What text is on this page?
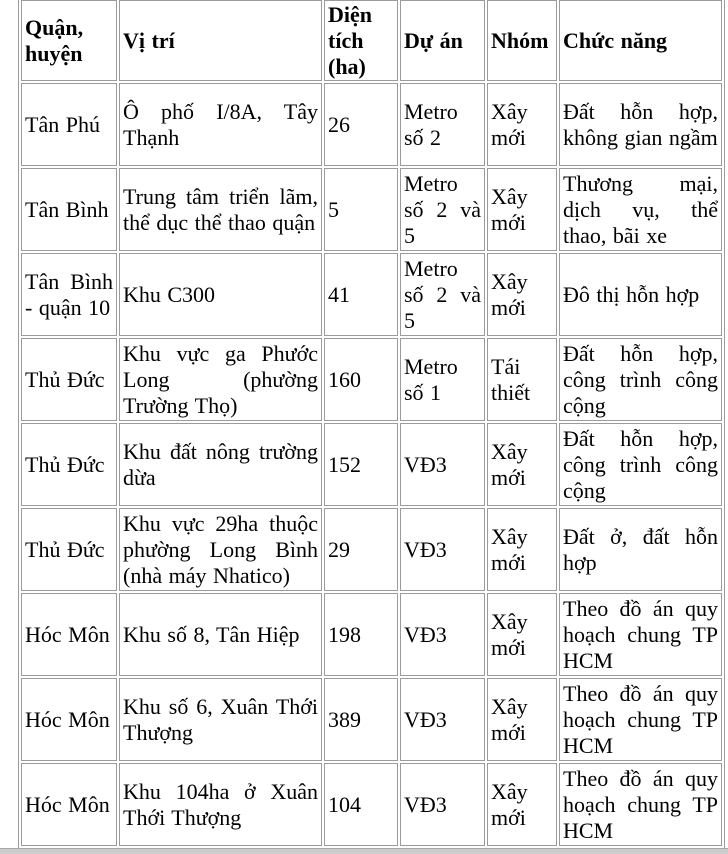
Quận, huyện	Vị trí	Diện tích (ha)	Dự án	Nhóm	Chức năng
Tân Phú	Ô phố I/8A, Tây Thạnh	26	Metro số 2	Xây mới	Đất hỗn hợp, không gian ngầm
Tân Bình	Trung tâm triển lãm, thể dục thể thao quận	5	Metro số 2 và 5	Xây mới	Thương mại, dịch vụ, thể thao, bãi xe
Tân Bình - quận 10	Khu C300	41	Metro số 2 và 5	Xây mới	Đô thị hỗn hợp
Thủ Đức	Khu vực ga Phước Long (phường Trường Thọ)	160	Metro số 1	Tái thiết	Đất hỗn hợp, công trình công cộng
Thủ Đức	Khu đất nông trường dừa	152	VĐ3	Xây mới	Đất hỗn hợp, công trình công cộng
Thủ Đức	Khu vực 29ha thuộc phường Long Bình (nhà máy Nhatico)	29	VĐ3	Xây mới	Đất ở, đất hỗn hợp
Hóc Môn	Khu số 8, Tân Hiệp	198	VĐ3	Xây mới	Theo đồ án quy hoạch chung TP HCM
Hóc Môn	Khu số 6, Xuân Thới Thượng	389	VĐ3	Xây mới	Theo đồ án quy hoạch chung TP HCM
Hóc Môn	Khu 104ha ở Xuân Thới Thượng	104	VĐ3	Xây mới	Theo đồ án quy hoạch chung TP HCM
